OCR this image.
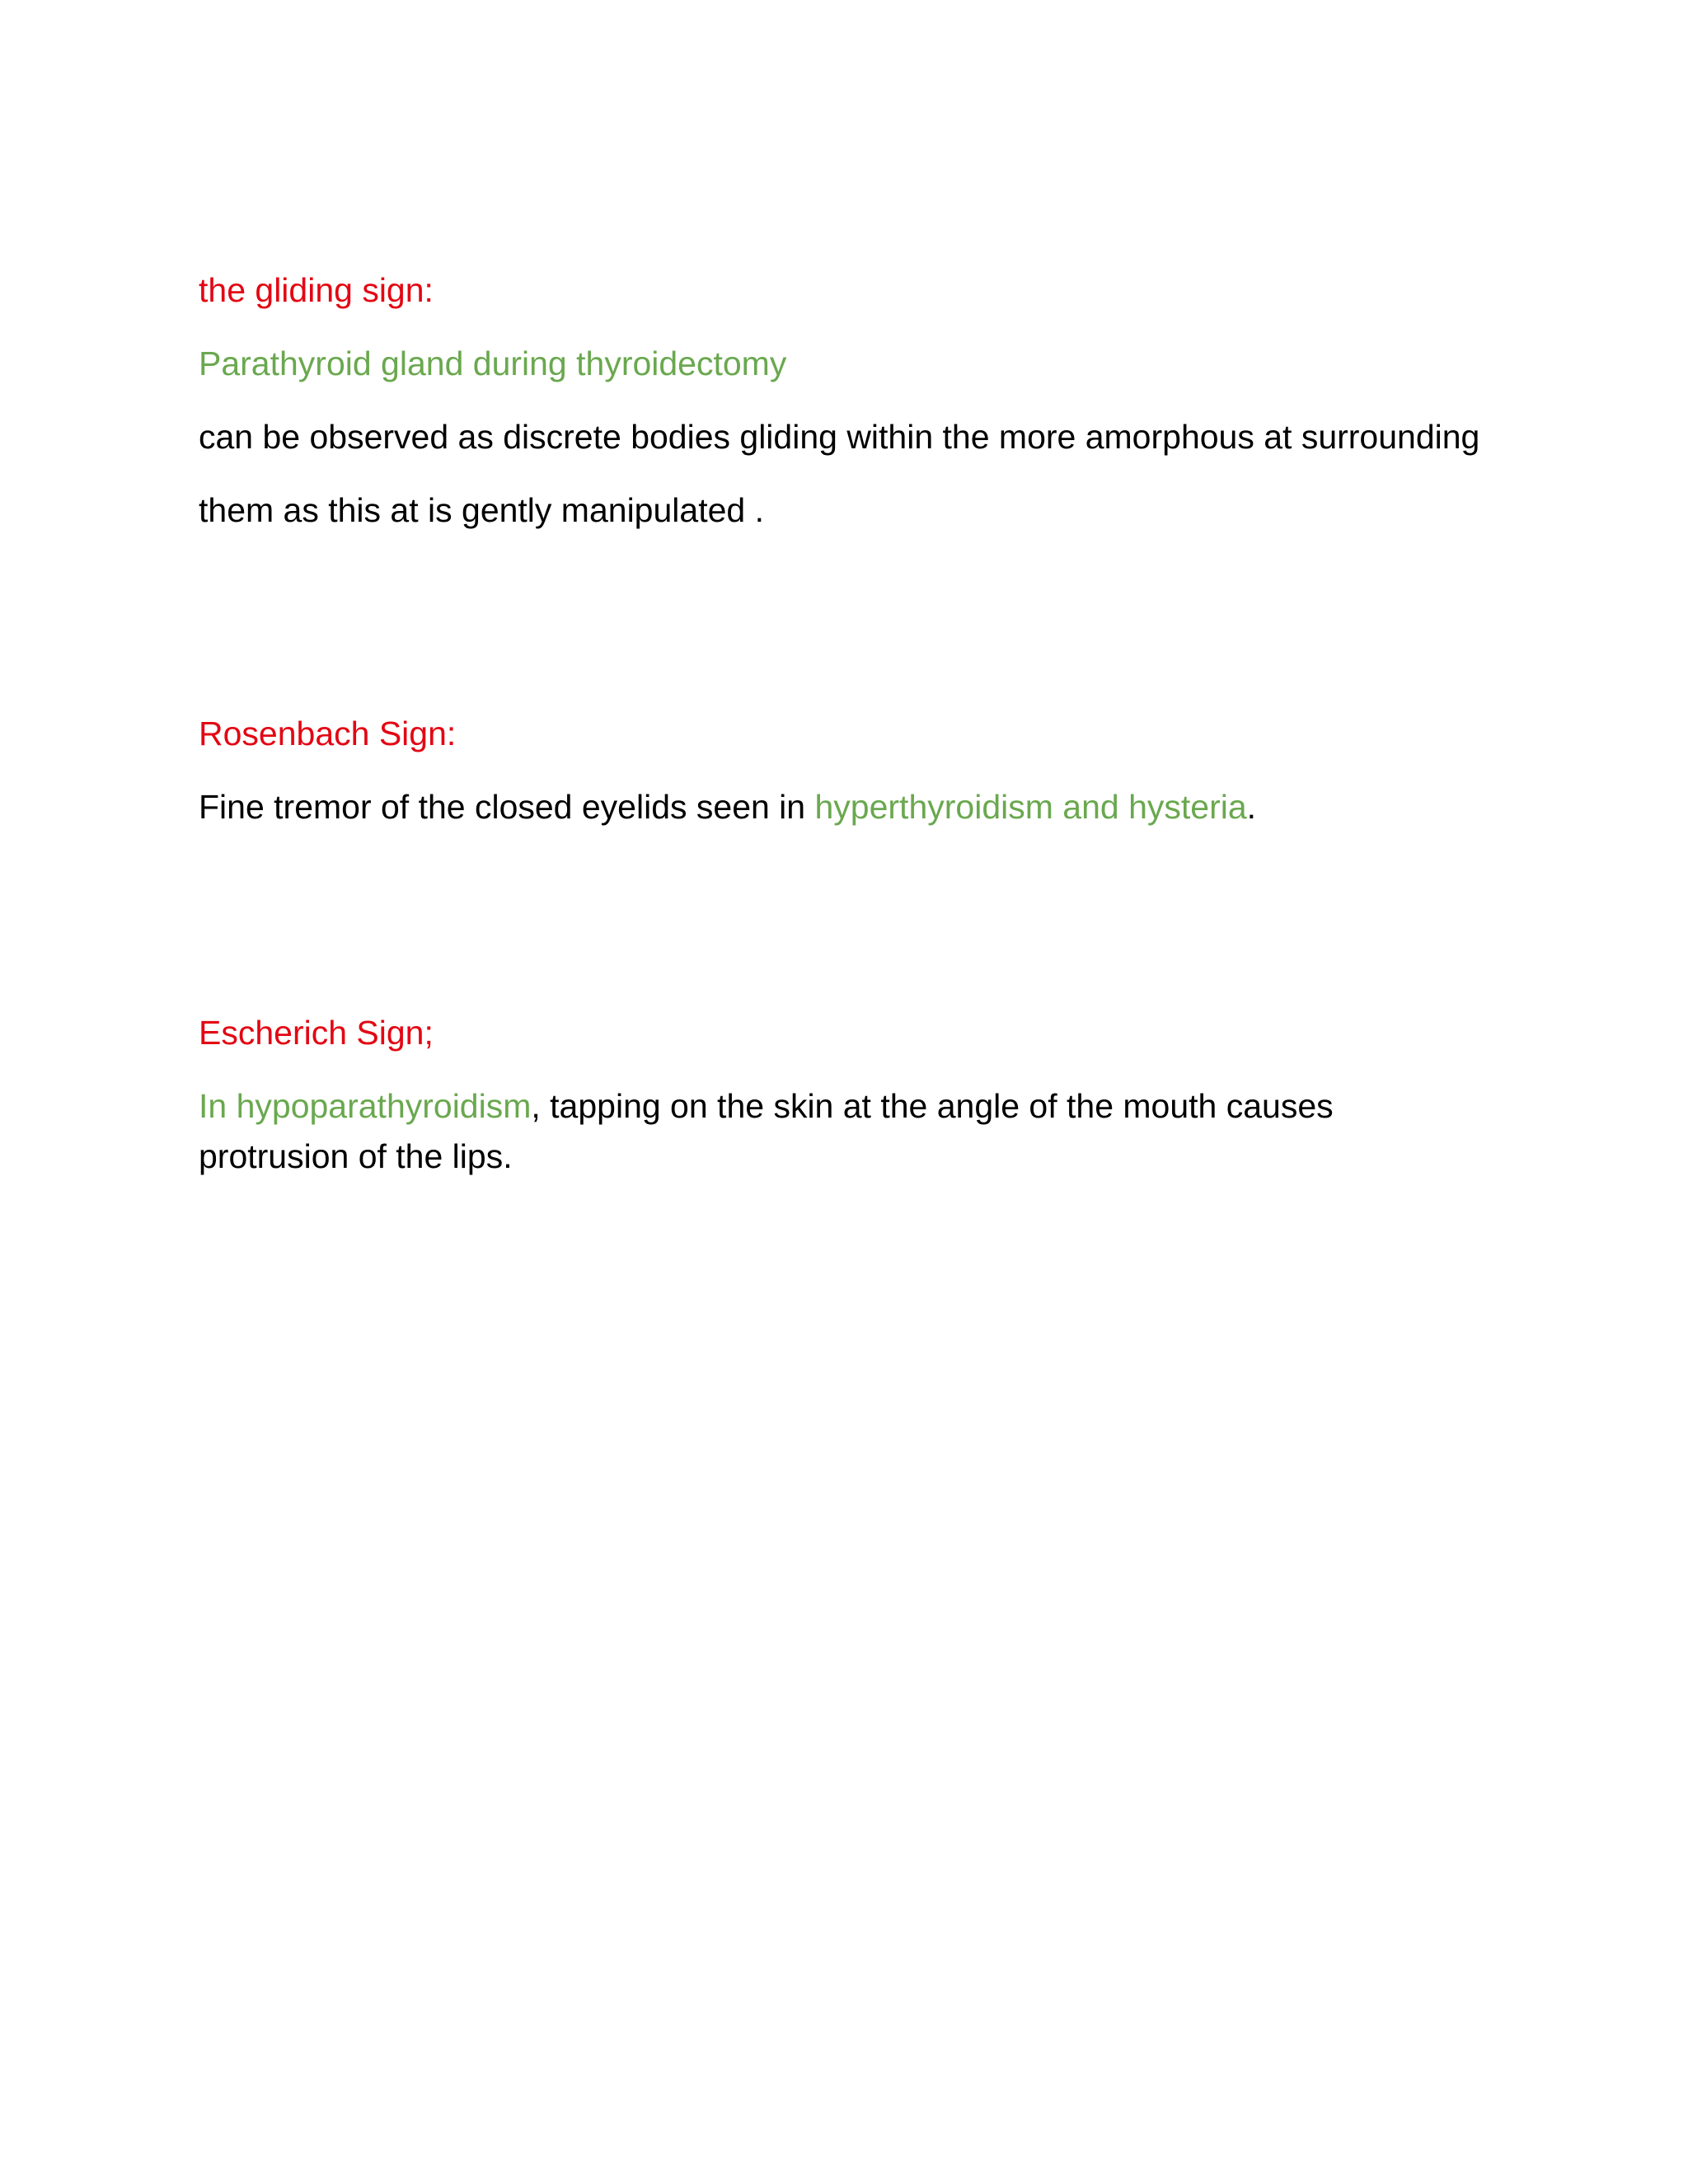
the gliding sign:

Parathyroid gland during thyroidectomy

can be observed as discrete bodies gliding within the more amorphous at surrounding

them as this at is gently manipulated .

Rosenbach Sign:

Fine tremor of the closed eyelids seen in hyperthyroidism and hysteria.

Escherich Sign;

In hypoparathyroidism, tapping on the skin at the angle of the mouth causes protrusion of the lips.
